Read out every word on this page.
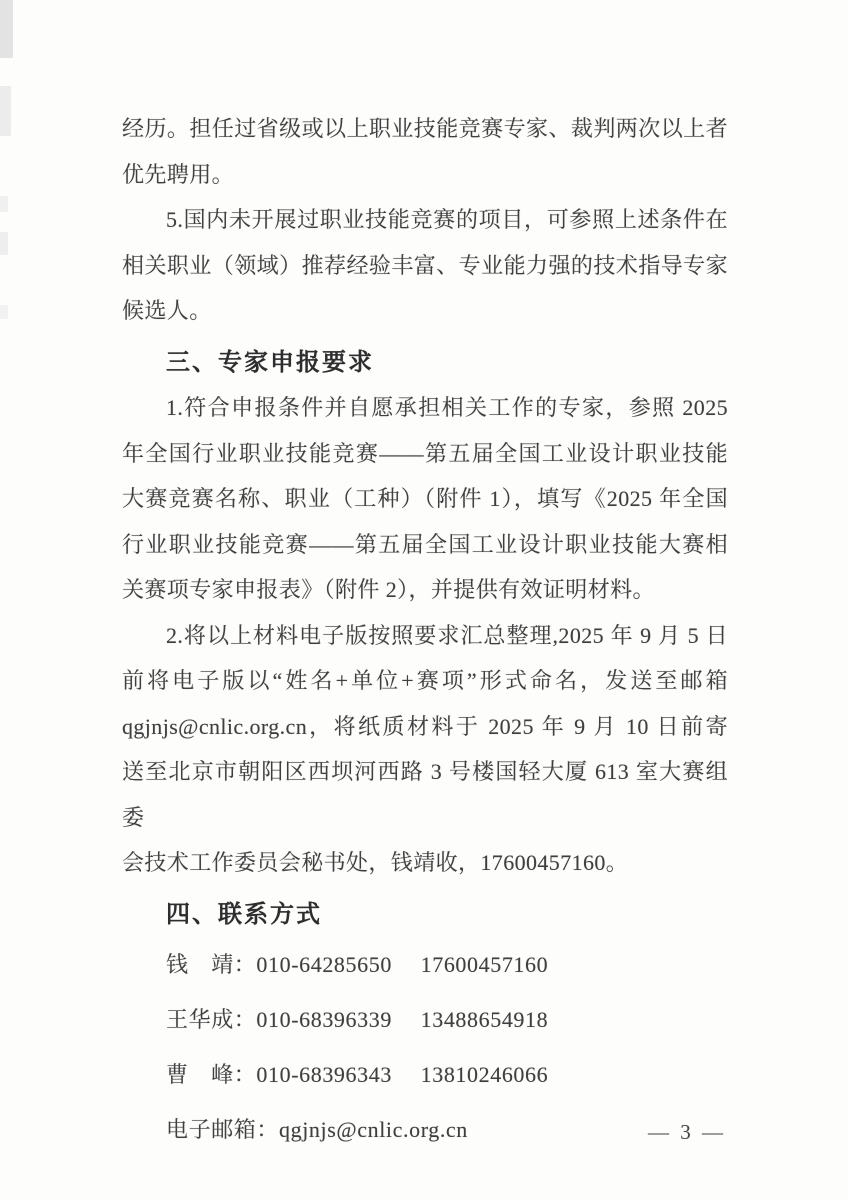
经历。担任过省级或以上职业技能竞赛专家、裁判两次以上者

优先聘用。

5.国内未开展过职业技能竞赛的项目，可参照上述条件在

相关职业（领域）推荐经验丰富、专业能力强的技术指导专家

候选人。

三、专家申报要求

1.符合申报条件并自愿承担相关工作的专家，参照 2025

年全国行业职业技能竞赛——第五届全国工业设计职业技能

大赛竞赛名称、职业（工种）（附件 1），填写《2025 年全国

行业职业技能竞赛——第五届全国工业设计职业技能大赛相

关赛项专家申报表》（附件 2），并提供有效证明材料。

2.将以上材料电子版按照要求汇总整理,2025 年 9 月 5 日

前将电子版以“姓名+单位+赛项”形式命名，发送至邮箱

qgjnjs@cnlic.org.cn，将纸质材料于 2025 年 9 月 10 日前寄

送至北京市朝阳区西坝河西路 3 号楼国轻大厦 613 室大赛组委

会技术工作委员会秘书处，钱靖收，17600457160。

四、联系方式

钱　靖：010-64285650　 17600457160

王华成：010-68396339　 13488654918

曹　峰：010-68396343　 13810246066

电子邮箱：qgjnjs@cnlic.org.cn	— 3 —
